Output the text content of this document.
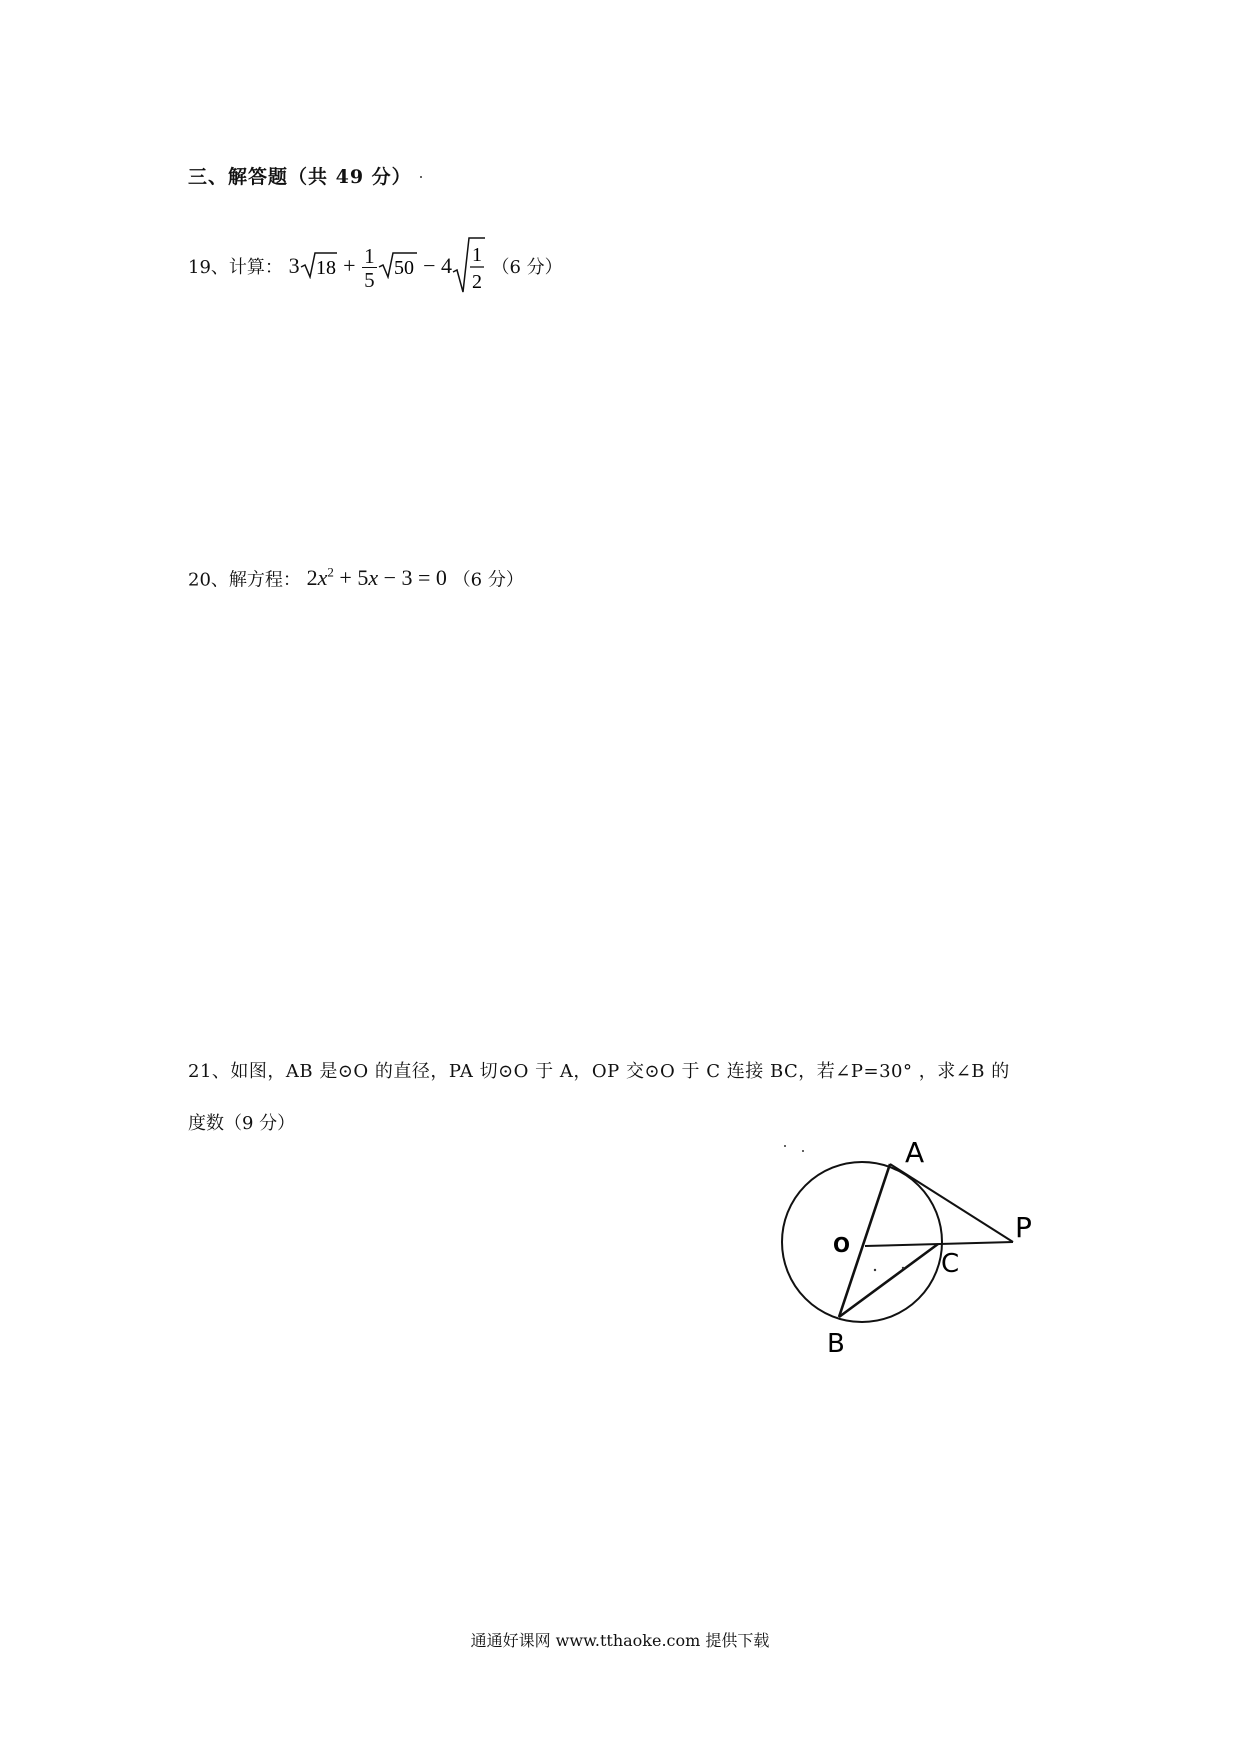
三、解答题（共 49 分）
19、计算： 3 $18 + \frac{1}{5} 50 - 4$ 1
2
（6 分）
20、解方程： $2x^2 + 5x - 3 = 0$ （6 分）
21、如图，AB 是⊙O 的直径，PA 切⊙O 于 A，OP 交⊙O 于 C 连接 BC，若∠P=30° ，求∠B 的
度数（9 分）
A
O
P
C
B
通通好课网 www.tthaoke.com 提供下载
